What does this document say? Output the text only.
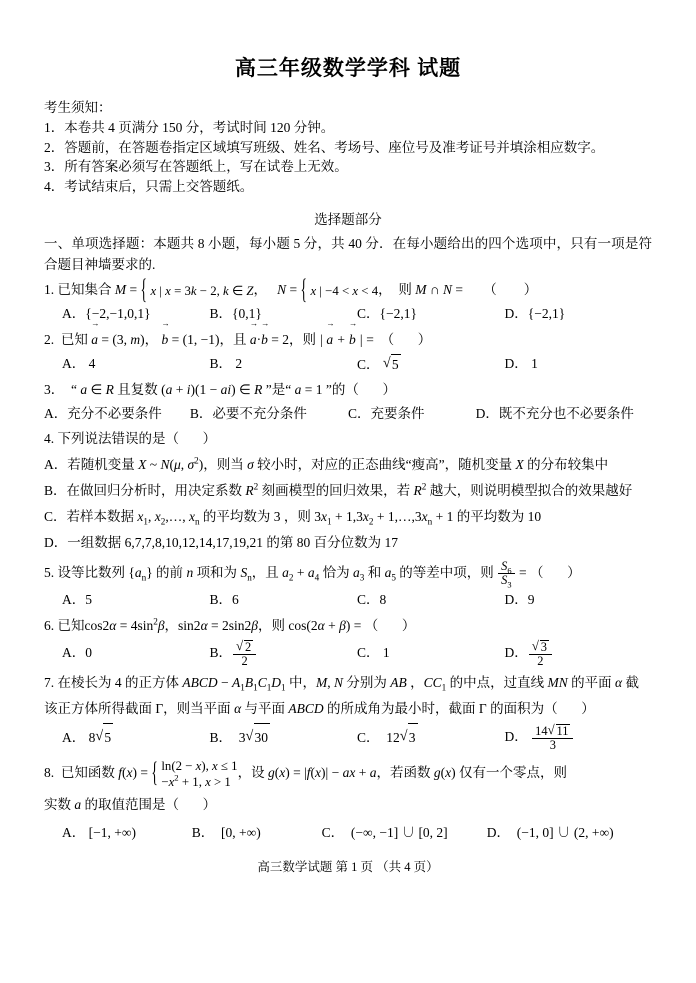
高三年级数学学科 试题
考生须知：
1．本卷共 4 页满分 150 分，考试时间 120 分钟。
2．答题前，在答题卷指定区域填写班级、姓名、考场号、座位号及准考证号并填涂相应数字。
3．所有答案必须写在答题纸上，写在试卷上无效。
4．考试结束后，只需上交答题纸。
选择题部分
一、单项选择题：本题共 8 小题，每小题 5 分，共 40 分．在每小题给出的四个选项中，只有一项是符合题目神墙要求的.
1. 已知集合 M = { x | x = 3k − 2, k ∈ Z ，   N = { x | −4 < x < 4 ，  则 M ∩ N =      （        ）
A．{−2,−1,0,1}	B．{0,1}	C．{−2,1}	D．{−2,1}
2.  已知 a → = (3, m)， b → = (1, −1)，且 a →·b → = 2，则 | a → + b → | =  （       ）
A． 4	B． 2	C． √ 5	D． 1
3．  “ a ∈ R 且复数 (a + i)(1 − ai) ∈ R ”是“ a = 1 ”的（       ）
A．充分不必要条件	B．必要不充分条件	C．充要条件	D．既不充分也不必要条件
4. 下列说法错误的是（       ）
A．若随机变量 X ~ N(μ, $\sigma^2$)，则当 σ 较小时，对应的正态曲线“瘦高”，随机变量 X 的分布较集中
B．在做回归分析时，用决定系数 $R^2$ 刻画模型的回归效果，若 $R^2$ 越大，则说明模型拟合的效果越好
C．若样本数据 $x_1$, $x_2,\dots$, $x_n$ 的平均数为 3 ，则 $3x_1 + 1,3x_2$ + $1,\dots,3x_n + 1$ 的平均数为 10
D．一组数据 6,7,7,8,10,12,14,17,19,21 的第 80 百分位数为 17
5. 设等比数列 $\{a_n\}$ 的前 n 项和为 $S_n$，且 $a_2 + a_4$ 恰为 $a_3$ 和 $a_5$ 的等差中项，则 $\frac{S_6}{S_3}$ = （       ）
A．5	B．6	C．8	D．9
6. 已知$\cos 2\alpha = 4\sin^2\beta$，sin2α = 2sin2β，则 cos(2α + β) = （       ）
A．0	B． √ $\frac{2}{2}$	C． 1	D． √ $\frac{3}{2}$
7. 在棱长为 4 的正方体 ABCD − $A_1B_1C_1D_1$ 中，M, N 分别为 AB ，$CC_1$ 的中点，过直线 MN 的平面 α 截
该正方体所得截面 Γ，则当平面 α 与平面 ABCD 的所成角为最小时，截面 Γ 的面积为（       ）
A． 8 √ 5	B．  3 √ 30	C．  12 √ 3	D． $\frac{14 √ 11}{3}$
8.  已知函数 f(x) = { ln(2 − x), x ≤ 1
$-x^2 + 1$, x > 1
，设 g(x) = |f(x)| − ax + a，若函数 g(x) 仅有一个零点，则
实数 a 的取值范围是（       ）
A． [−1, +∞)	B．  [0, +∞)	C．  (−∞, −1] ∪ [0, 2]	D．  (−1, 0] ∪ (2, +∞)
高三数学试题 第 1 页 （共 4 页）
